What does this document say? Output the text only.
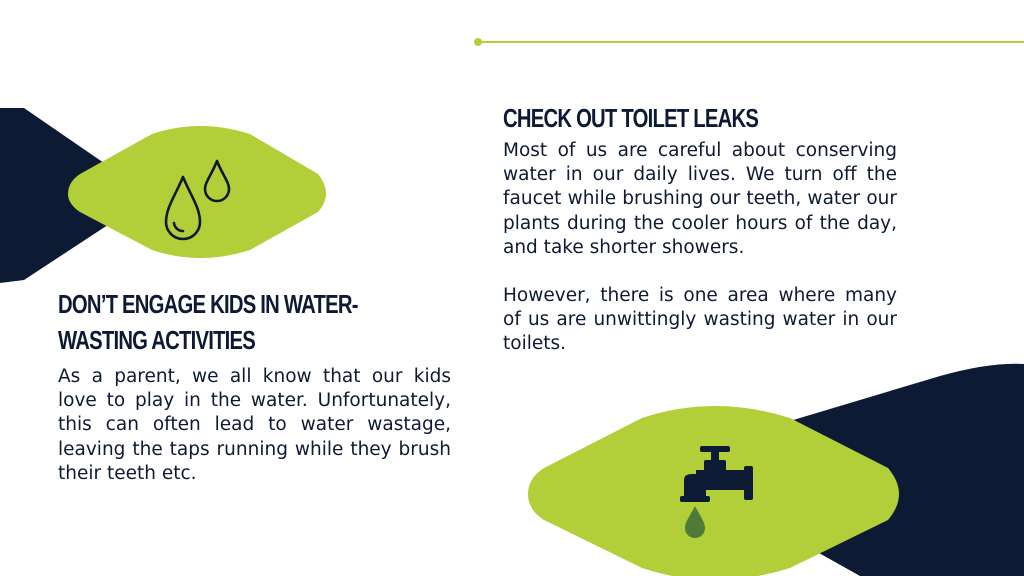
CHECK OUT TOILET LEAKS

Most of us are careful about conserving water in our daily lives. We turn off the faucet while brushing our teeth, water our plants during the cooler hours of the day, and take shorter showers.

However, there is one area where many of us are unwittingly wasting water in our toilets.

DON’T ENGAGE KIDS IN WATER-
WASTING ACTIVITIES

As a parent, we all know that our kids love to play in the water. Unfortunately, this can often lead to water wastage, leaving the taps running while they brush their teeth etc.
